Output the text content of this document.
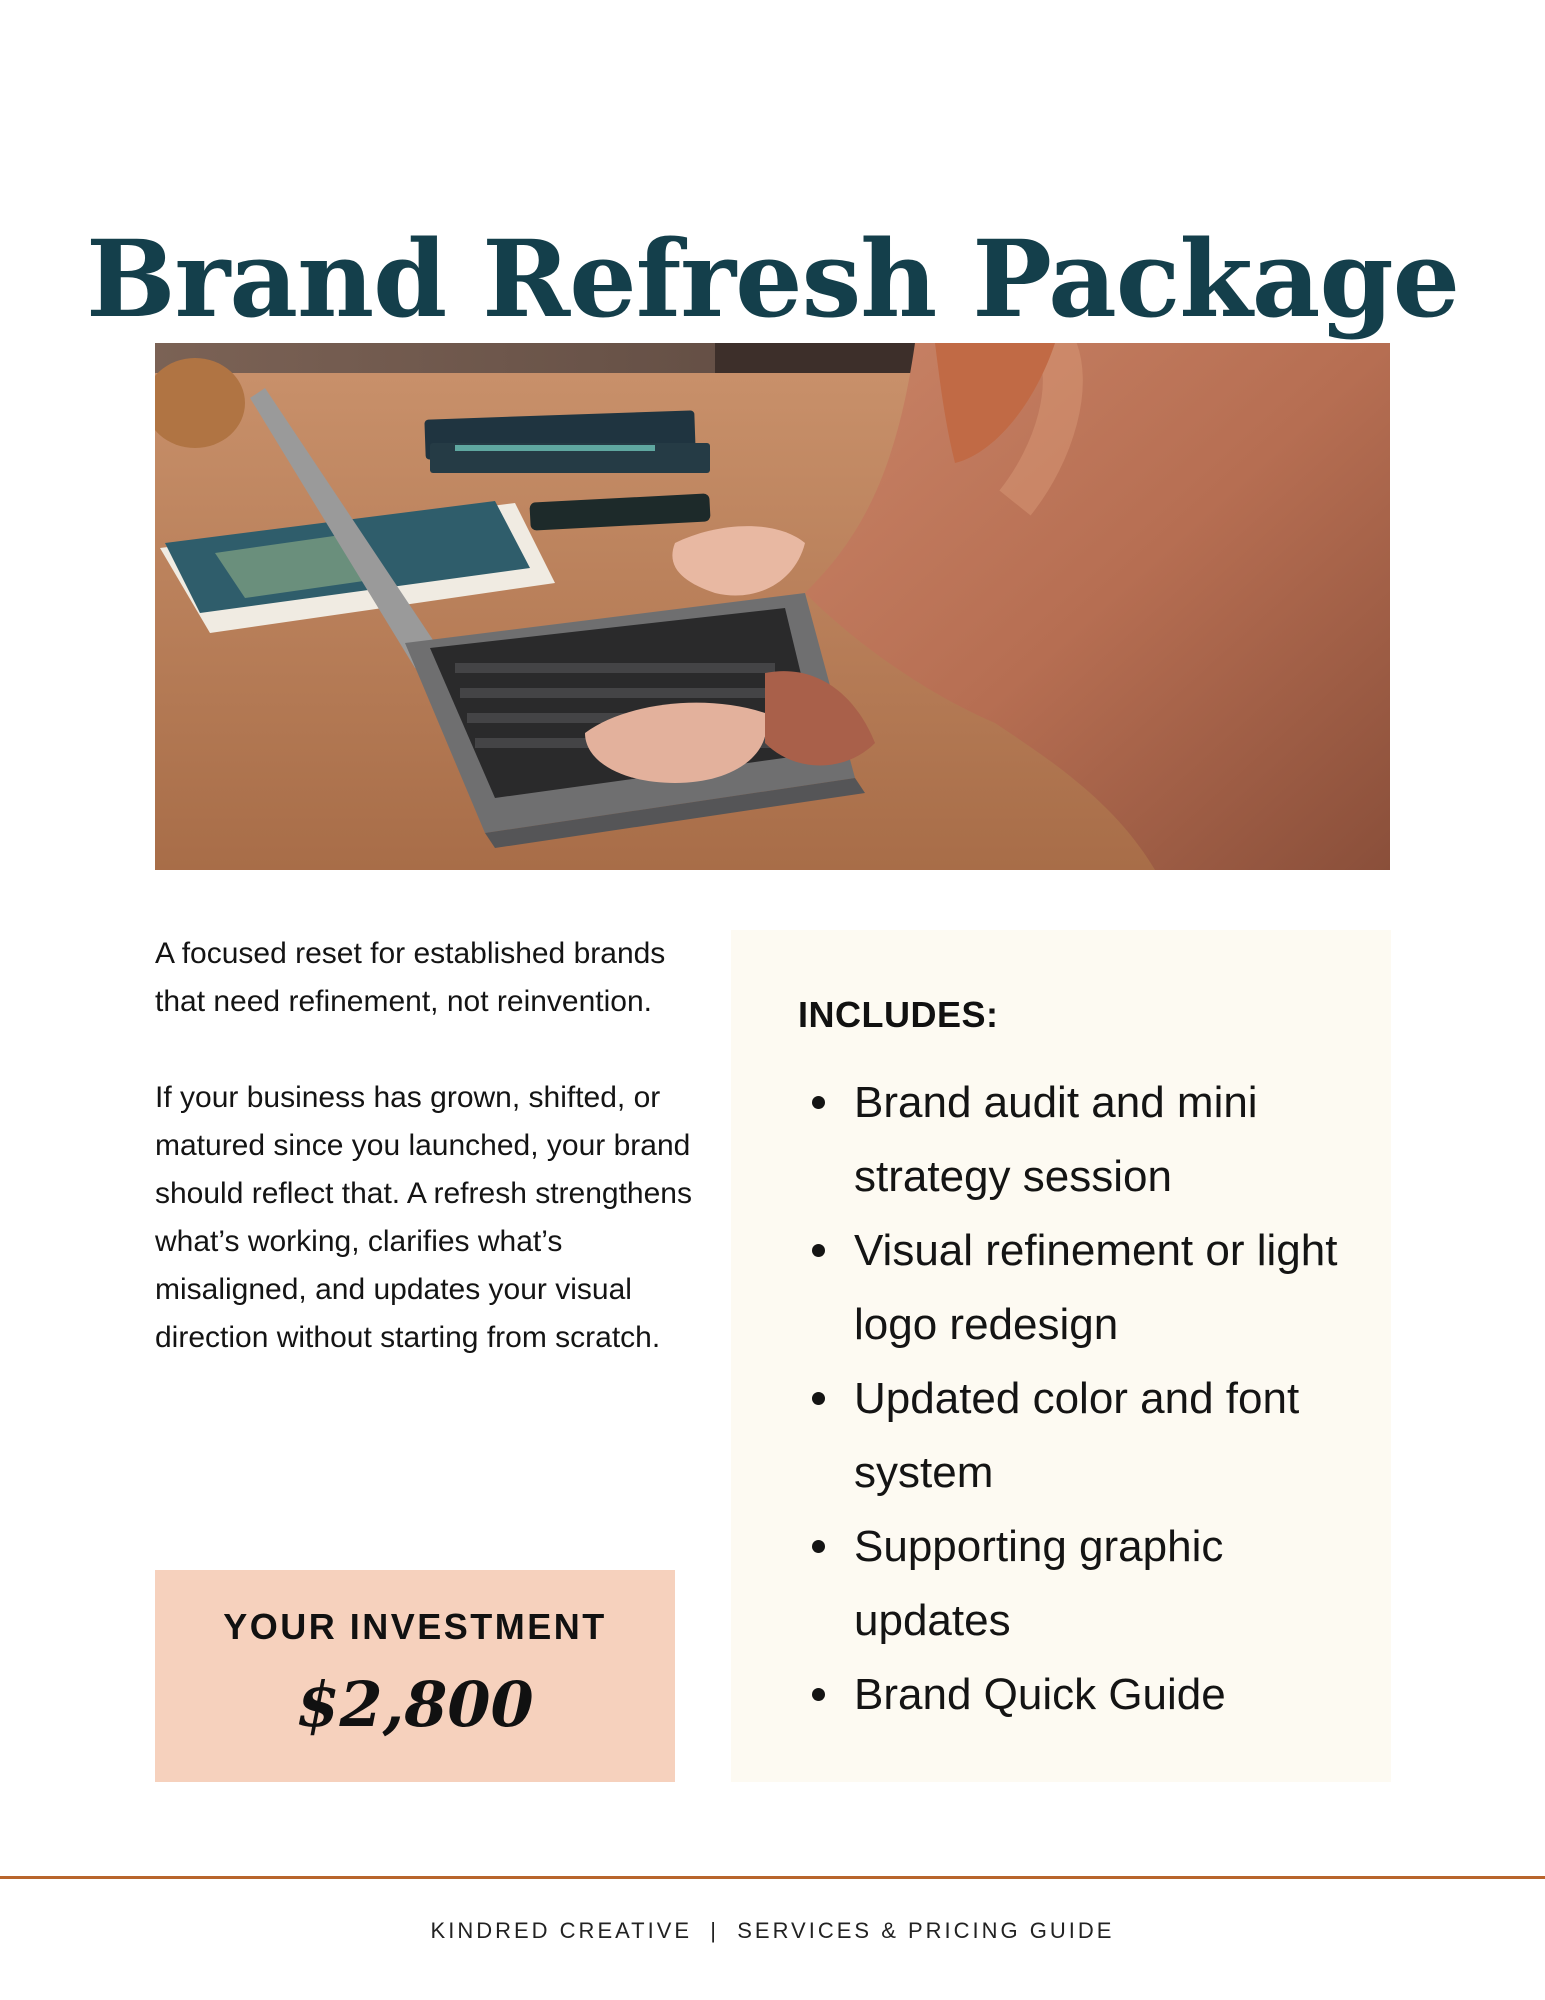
Brand Refresh Package

A focused reset for established brands that need refinement, not reinvention.

If your business has grown, shifted, or matured since you launched, your brand should reflect that. A refresh strengthens what’s working, clarifies what’s misaligned, and updates your visual direction without starting from scratch.

YOUR INVESTMENT
$2,800
INCLUDES:
Brand audit and mini strategy session
Visual refinement or light logo redesign
Updated color and font system
Supporting graphic updates
Brand Quick Guide
KINDRED CREATIVE  |  SERVICES & PRICING GUIDE
